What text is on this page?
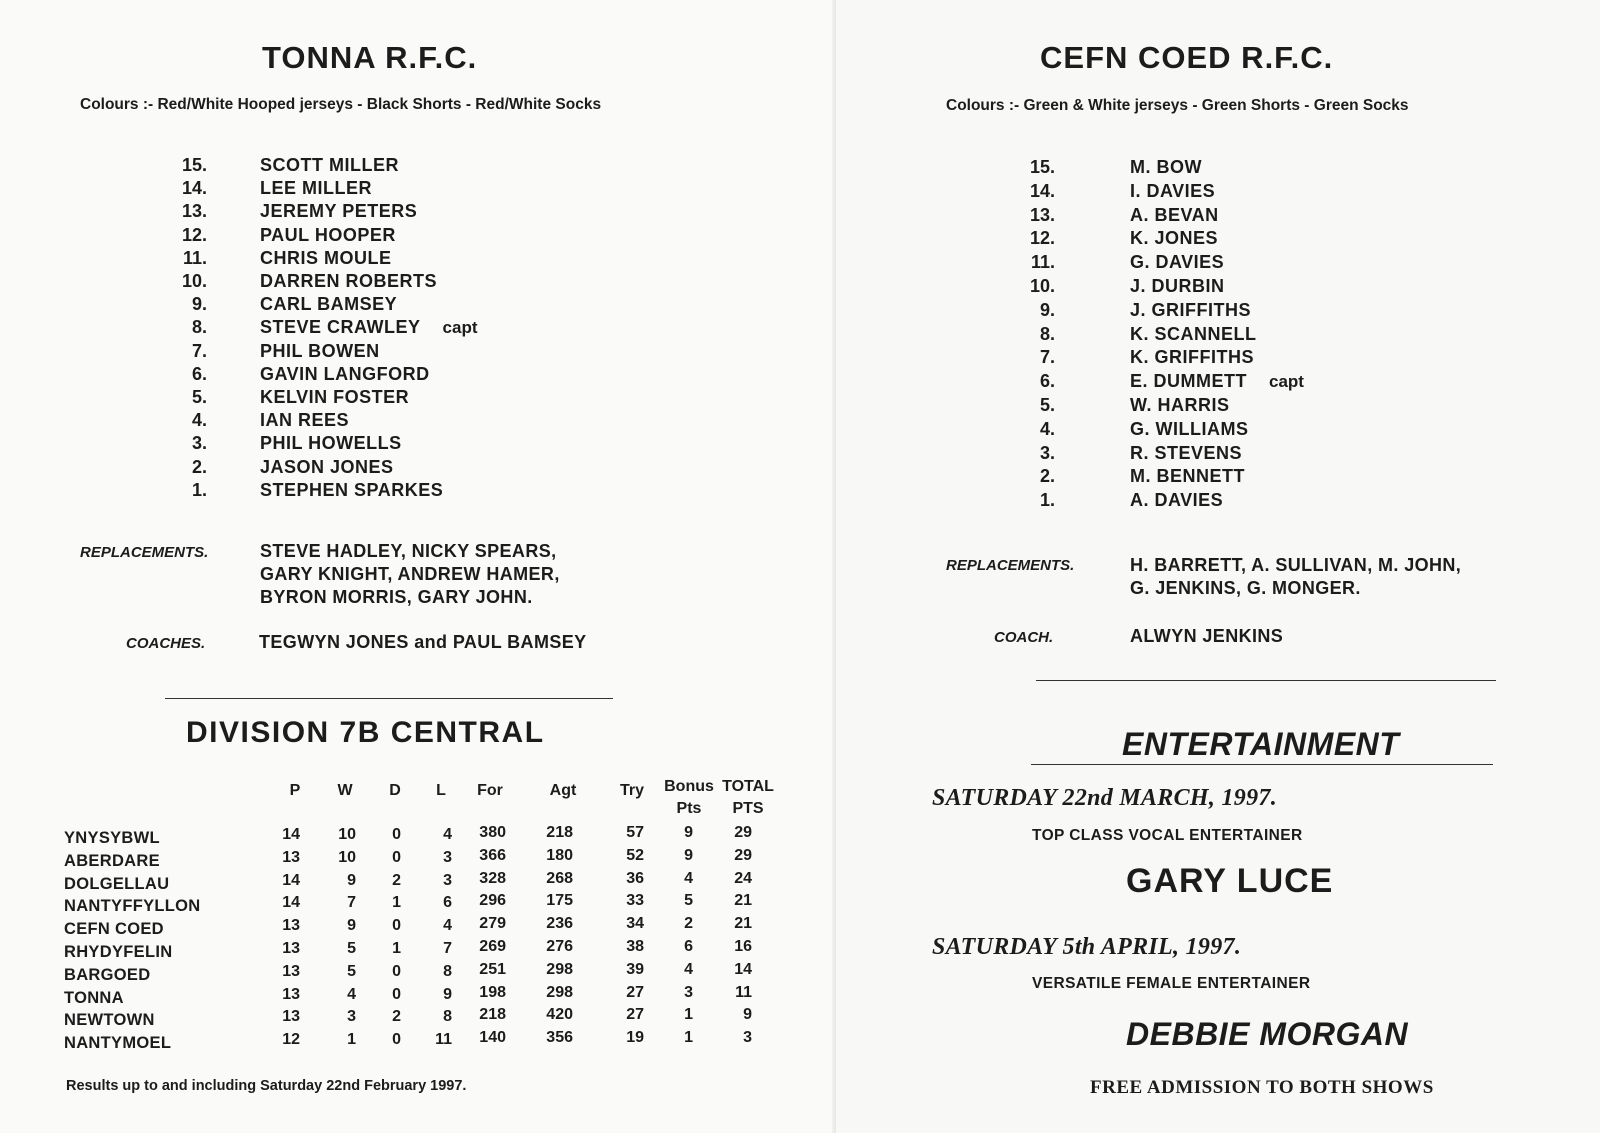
TONNA R.F.C.
Colours :- Red/White Hooped jerseys - Black Shorts - Red/White Socks
15.	SCOTT MILLER
14.	LEE MILLER
13.	JEREMY PETERS
12.	PAUL HOOPER
11.	CHRIS MOULE
10.	DARREN ROBERTS
9.	CARL BAMSEY
8.	STEVE CRAWLEY capt
7.	PHIL BOWEN
6.	GAVIN LANGFORD
5.	KELVIN FOSTER
4.	IAN REES
3.	PHIL HOWELLS
2.	JASON JONES
1.	STEPHEN SPARKES
REPLACEMENTS.	STEVE HADLEY, NICKY SPEARS,
GARY KNIGHT, ANDREW HAMER,
BYRON MORRIS, GARY JOHN.
COACHES.	TEGWYN JONES and PAUL BAMSEY
DIVISION 7B CENTRAL
P	W	D	L	For	Agt	Try	Bonus TOTAL
Pts	PTS
YNYSYBWL	14	10	0	4	380	218	57	9	29
ABERDARE	13	10	0	3	366	180	52	9	29
DOLGELLAU	14	9	2	3	328	268	36	4	24
NANTYFFYLLON	14	7	1	6	296	175	33	5	21
CEFN COED	13	9	0	4	279	236	34	2	21
RHYDYFELIN	13	5	1	7	269	276	38	6	16
BARGOED	13	5	0	8	251	298	39	4	14
TONNA	13	4	0	9	198	298	27	3	11
NEWTOWN	13	3	2	8	218	420	27	1	9
NANTYMOEL	12	1	0	11	140	356	19	1	3
Results up to and including Saturday 22nd February 1997.
CEFN COED R.F.C.
Colours :- Green & White jerseys - Green Shorts - Green Socks
15.	M. BOW
14.	I. DAVIES
13.	A. BEVAN
12.	K. JONES
11.	G. DAVIES
10.	J. DURBIN
9.	J. GRIFFITHS
8.	K. SCANNELL
7.	K. GRIFFITHS
6.	E. DUMMETT capt
5.	W. HARRIS
4.	G. WILLIAMS
3.	R. STEVENS
2.	M. BENNETT
1.	A. DAVIES
REPLACEMENTS.	H. BARRETT, A. SULLIVAN, M. JOHN,
G. JENKINS, G. MONGER.
COACH.	ALWYN JENKINS
ENTERTAINMENT
SATURDAY 22nd MARCH, 1997.
TOP CLASS VOCAL ENTERTAINER
GARY LUCE
SATURDAY 5th APRIL, 1997.
VERSATILE FEMALE ENTERTAINER
DEBBIE MORGAN
FREE ADMISSION TO BOTH SHOWS
